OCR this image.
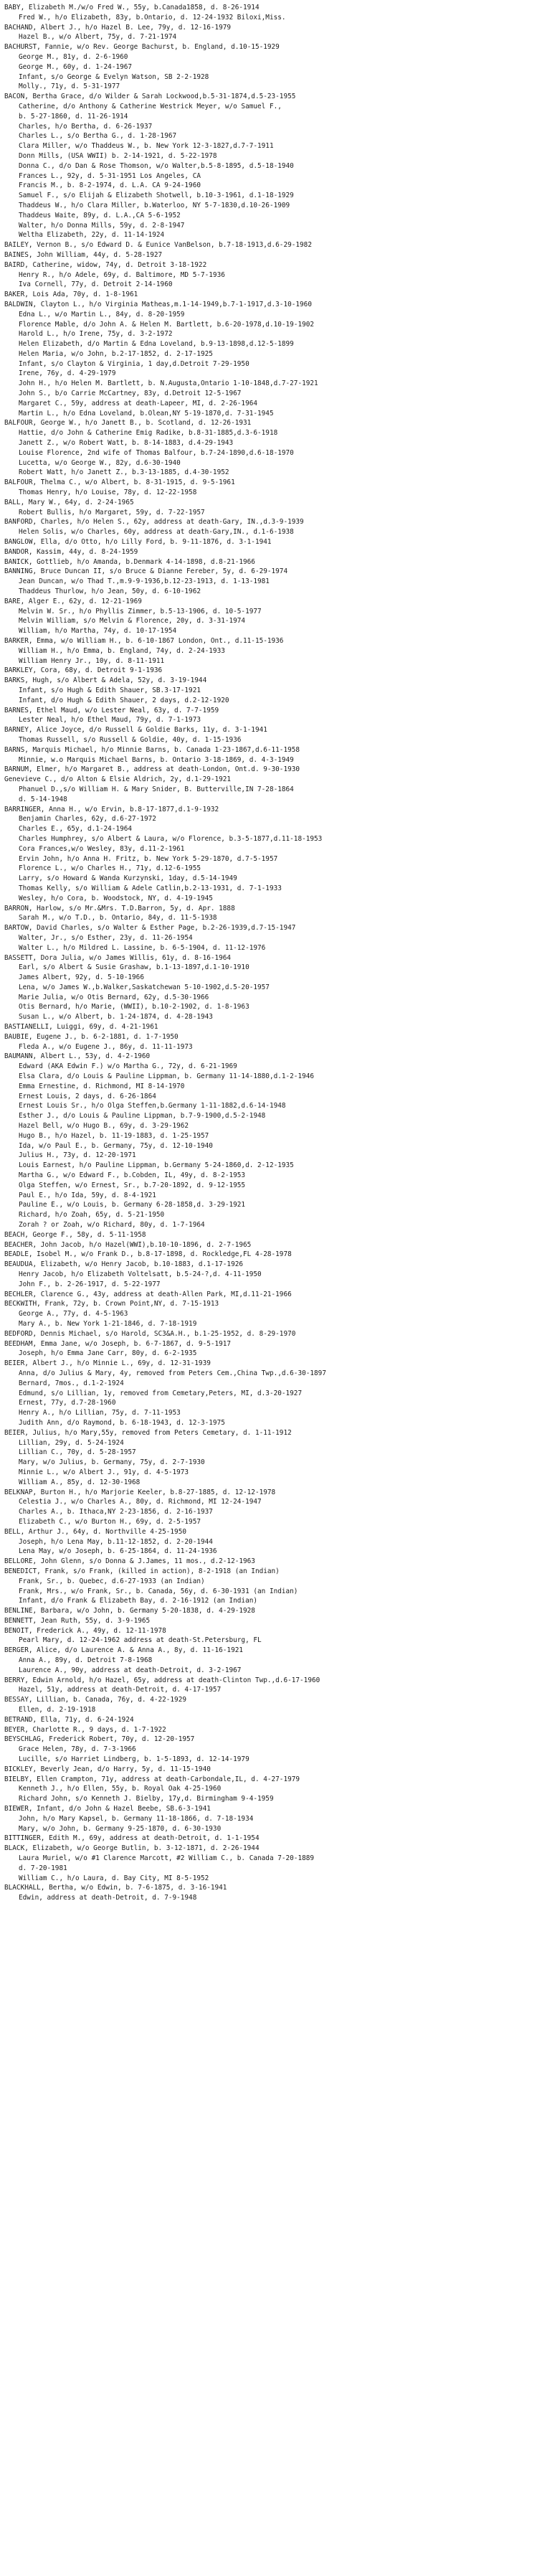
BABY, Elizabeth M./w/o Fred W., 55y, b.Canada1858, d. 8-26-1914
Fred W., h/o Elizabeth, 83y, b.Ontario, d. 12-24-1932 Biloxi,Miss.
BACHAND, Albert J., h/o Hazel B. Lee, 79y, d. 12-16-1979
Hazel B., w/o Albert, 75y, d. 7-21-1974
BACHURST, Fannie, w/o Rev. George Bachurst, b. England, d.10-15-1929
George M., 81y, d. 2-6-1960
George M., 60y, d. 1-24-1967
Infant, s/o George & Evelyn Watson, SB 2-2-1928
Molly., 71y, d. 5-31-1977
BACON, Bertha Grace, d/o Wilder & Sarah Lockwood,b.5-31-1874,d.5-23-1955
Catherine, d/o Anthony & Catherine Westrick Meyer, w/o Samuel F.,
b. 5-27-1860, d. 11-26-1914
Charles, h/o Bertha, d. 6-26-1937
Charles L., s/o Bertha G., d. 1-28-1967
Clara Miller, w/o Thaddeus W., b. New York 12-3-1827,d.7-7-1911
Donn Mills, (USA WWII) b. 2-14-1921, d. 5-22-1978
Donna C., d/o Dan & Rose Thomson, w/o Walter,b.5-8-1895, d.5-18-1940
Frances L., 92y, d. 5-31-1951 Los Angeles, CA
Francis M., b. 8-2-1974, d. L.A. CA 9-24-1960
Samuel F., s/o Elijah & Elizabeth Shotwell, b.10-3-1961, d.1-18-1929
Thaddeus W., h/o Clara Miller, b.Waterloo, NY 5-7-1830,d.10-26-1909
Thaddeus Waite, 89y, d. L.A.,CA 5-6-1952
Walter, h/o Donna Mills, 59y, d. 2-8-1947
Weltha Elizabeth, 22y, d. 11-14-1924
BAILEY, Vernon B., s/o Edward D. & Eunice VanBelson, b.7-18-1913,d.6-29-1982
BAINES, John William, 44y, d. 5-28-1927
BAIRD, Catherine, widow, 74y, d. Detroit 3-18-1922
Henry R., h/o Adele, 69y, d. Baltimore, MD 5-7-1936
Iva Cornell, 77y, d. Detroit 2-14-1960
BAKER, Lois Ada, 70y, d. 1-8-1961
BALDWIN, Clayton L., h/o Virginia Matheas,m.1-14-1949,b.7-1-1917,d.3-10-1960
Edna L., w/o Martin L., 84y, d. 8-20-1959
Florence Mable, d/o John A. & Helen M. Bartlett, b.6-20-1978,d.10-19-1902
Harold L., h/o Irene, 75y, d. 3-2-1972
Helen Elizabeth, d/o Martin & Edna Loveland, b.9-13-1898,d.12-5-1899
Helen Maria, w/o John, b.2-17-1852, d. 2-17-1925
Infant, s/o Clayton & Virginia, 1 day,d.Detroit 7-29-1950
Irene, 76y, d. 4-29-1979
John H., h/o Helen M. Bartlett, b. N.Augusta,Ontario 1-10-1848,d.7-27-1921
John S., b/o Carrie McCartney, 83y, d.Detroit 12-5-1967
Margaret C., 59y, address at death-Lapeer, MI, d. 2-26-1964
Martin L., h/o Edna Loveland, b.Olean,NY 5-19-1870,d. 7-31-1945
BALFOUR, George W., h/o Janett B., b. Scotland, d. 12-26-1931
Hattie, d/o John & Catherine Emig Radike, b.8-31-1885,d.3-6-1918
Janett Z., w/o Robert Watt, b. 8-14-1883, d.4-29-1943
Louise Florence, 2nd wife of Thomas Balfour, b.7-24-1890,d.6-18-1970
Lucetta, w/o George W., 82y, d.6-30-1940
Robert Watt, h/o Janett Z., b.3-13-1885, d.4-30-1952
BALFOUR, Thelma C., w/o Albert, b. 8-31-1915, d. 9-5-1961
Thomas Henry, h/o Louise, 78y, d. 12-22-1958
BALL, Mary W., 64y, d. 2-24-1965
Robert Bullis, h/o Margaret, 59y, d. 7-22-1957
BANFORD, Charles, h/o Helen S., 62y, address at death-Gary, IN.,d.3-9-1939
Helen Solis, w/o Charles, 60y, address at death-Gary,IN., d.1-6-1938
BANGLOW, Ella, d/o Otto, h/o Lilly Ford, b. 9-11-1876, d. 3-1-1941
BANDOR, Kassim, 44y, d. 8-24-1959
BANICK, Gottlieb, h/o Amanda, b.Denmark 4-14-1898, d.8-21-1966
BANNING, Bruce Duncan II, s/o Bruce & Dianne Fereber, 5y, d. 6-29-1974
Jean Duncan, w/o Thad T.,m.9-9-1936,b.12-23-1913, d. 1-13-1981
Thaddeus Thurlow, h/o Jean, 50y, d. 6-10-1962
BARE, Alger E., 62y, d. 12-21-1969
Melvin W. Sr., h/o Phyllis Zimmer, b.5-13-1906, d. 10-5-1977
Melvin William, s/o Melvin & Florence, 20y, d. 3-31-1974
William, h/o Martha, 74y, d. 10-17-1954
BARKER, Emma, w/o William H., b. 6-10-1867 London, Ont., d.11-15-1936
William H., h/o Emma, b. England, 74y, d. 2-24-1933
William Henry Jr., 10y, d. 8-11-1911
BARKLEY, Cora, 68y, d. Detroit 9-1-1936
BARKS, Hugh, s/o Albert & Adela, 52y, d. 3-19-1944
Infant, s/o Hugh & Edith Shauer, SB.3-17-1921
Infant, d/o Hugh & Edith Shauer, 2 days, d.2-12-1920
BARNES, Ethel Maud, w/o Lester Neal, 63y, d. 7-7-1959
Lester Neal, h/o Ethel Maud, 79y, d. 7-1-1973
BARNEY, Alice Joyce, d/o Russell & Goldie Barks, 11y, d. 3-1-1941
Thomas Russell, s/o Russell & Goldie, 40y, d. 1-15-1936
BARNS, Marquis Michael, h/o Minnie Barns, b. Canada 1-23-1867,d.6-11-1958
Minnie, w.o Marquis Michael Barns, b. Ontario 3-18-1869, d. 4-3-1949
BARNUM, Elmer, h/o Margaret B., address at death-London, Ont.d. 9-30-1930
Genevieve C., d/o Alton & Elsie Aldrich, 2y, d.1-29-1921
Phanuel D.,s/o William H. & Mary Snider, B. Butterville,IN 7-28-1864
d. 5-14-1948
BARRINGER, Anna H., w/o Ervin, b.8-17-1877,d.1-9-1932
Benjamin Charles, 62y, d.6-27-1972
Charles E., 65y, d.1-24-1964
Charles Humphrey, s/o Albert & Laura, w/o Florence, b.3-5-1877,d.11-18-1953
Cora Frances,w/o Wesley, 83y, d.11-2-1961
Ervin John, h/o Anna H. Fritz, b. New York 5-29-1870, d.7-5-1957
Florence L., w/o Charles H., 71y, d.12-6-1955
Larry, s/o Howard & Wanda Kurzynski, 1day, d.5-14-1949
Thomas Kelly, s/o William & Adele Catlin,b.2-13-1931, d. 7-1-1933
Wesley, h/o Cora, b. Woodstock, NY, d. 4-19-1945
BARRON, Harlow, s/o Mr.&Mrs. T.D.Barron, 5y, d. Apr. 1888
Sarah M., w/o T.D., b. Ontario, 84y, d. 11-5-1938
BARTOW, David Charles, s/o Walter & Esther Page, b.2-26-1939,d.7-15-1947
Walter, Jr., s/o Esther, 23y, d. 11-26-1954
Walter L., h/o Mildred L. Lassine, b. 6-5-1904, d. 11-12-1976
BASSETT, Dora Julia, w/o James Willis, 61y, d. 8-16-1964
Earl, s/o Albert & Susie Grashaw, b.1-13-1897,d.1-10-1910
James Albert, 92y, d. 5-10-1966
Lena, w/o James W.,b.Walker,Saskatchewan 5-10-1902,d.5-20-1957
Marie Julia, w/o Otis Bernard, 62y, d.5-30-1966
Otis Bernard, h/o Marie, (WWII), b.10-2-1902, d. 1-8-1963
Susan L., w/o Albert, b. 1-24-1874, d. 4-28-1943
BASTIANELLI, Luiggi, 69y, d. 4-21-1961
BAUBIE, Eugene J., b. 6-2-1881, d. 1-7-1950
Fleda A., w/o Eugene J., 86y, d. 11-11-1973
BAUMANN, Albert L., 53y, d. 4-2-1960
Edward (AKA Edwin F.) w/o Martha G., 72y, d. 6-21-1969
Elsa Clara, d/o Louis & Pauline Lippman, b. Germany 11-14-1880,d.1-2-1946
Emma Ernestine, d. Richmond, MI 8-14-1970
Ernest Louis, 2 days, d. 6-26-1864
Ernest Louis Sr., h/o Olga Steffen,b.Germany 1-11-1882,d.6-14-1948
Esther J., d/o Louis & Pauline Lippman, b.7-9-1900,d.5-2-1948
Hazel Bell, w/o Hugo B., 69y, d. 3-29-1962
Hugo B., h/o Hazel, b. 11-19-1883, d. 1-25-1957
Ida, w/o Paul E., b. Germany, 75y, d. 12-10-1940
Julius H., 73y, d. 12-20-1971
Louis Earnest, h/o Pauline Lippman, b.Germany 5-24-1860,d. 2-12-1935
Martha G., w/o Edward F., b.Cobden, IL, 49y, d. 8-2-1953
Olga Steffen, w/o Ernest, Sr., b.7-20-1892, d. 9-12-1955
Paul E., h/o Ida, 59y, d. 8-4-1921
Pauline E., w/o Louis, b. Germany 6-28-1858,d. 3-29-1921
Richard, h/o Zoah, 65y, d. 5-21-1950
Zorah ? or Zoah, w/o Richard, 80y, d. 1-7-1964
BEACH, George F., 58y, d. 5-11-1958
BEACHER, John Jacob, h/o Hazel(WWI),b.10-10-1896, d. 2-7-1965
BEADLE, Isobel M., w/o Frank D., b.8-17-1898, d. Rockledge,FL 4-28-1978
BEAUDUA, Elizabeth, w/o Henry Jacob, b.10-1883, d.1-17-1926
Henry Jacob, h/o Elizabeth Voltelsatt, b.5-24-?,d. 4-11-1950
John F., b. 2-26-1917, d. 5-22-1977
BECHLER, Clarence G., 43y, address at death-Allen Park, MI,d.11-21-1966
BECKWITH, Frank, 72y, b. Crown Point,NY, d. 7-15-1913
George A., 77y, d. 4-5-1963
Mary A., b. New York 1-21-1846, d. 7-18-1919
BEDFORD, Dennis Michael, s/o Harold, SC3&A.H., b.1-25-1952, d. 8-29-1970
BEEDHAM, Emma Jane, w/o Joseph, b. 6-7-1867, d. 9-5-1917
Joseph, h/o Emma Jane Carr, 80y, d. 6-2-1935
BEIER, Albert J., h/o Minnie L., 69y, d. 12-31-1939
Anna, d/o Julius & Mary, 4y, removed from Peters Cem.,China Twp.,d.6-30-1897
Bernard, 7mos., d.1-2-1924
Edmund, s/o Lillian, 1y, removed from Cemetary,Peters, MI, d.3-20-1927
Ernest, 77y, d.7-28-1960
Henry A., h/o Lillian, 75y, d. 7-11-1953
Judith Ann, d/o Raymond, b. 6-18-1943, d. 12-3-1975
BEIER, Julius, h/o Mary,55y, removed from Peters Cemetary, d. 1-11-1912
Lillian, 29y, d. 5-24-1924
Lillian C., 70y, d. 5-28-1957
Mary, w/o Julius, b. Germany, 75y, d. 2-7-1930
Minnie L., w/o Albert J., 91y, d. 4-5-1973
William A., 85y, d. 12-30-1968
BELKNAP, Burton H., h/o Marjorie Keeler, b.8-27-1885, d. 12-12-1978
Celestia J., w/o Charles A., 80y, d. Richmond, MI 12-24-1947
Charles A., b. Ithaca,NY 2-23-1856, d. 2-16-1937
Elizabeth C., w/o Burton H., 69y, d. 2-5-1957
BELL, Arthur J., 64y, d. Northville 4-25-1950
Joseph, h/o Lena May, b.11-12-1852, d. 2-20-1944
Lena May, w/o Joseph, b. 6-25-1864, d. 11-24-1936
BELLORE, John Glenn, s/o Donna & J.James, 11 mos., d.2-12-1963
BENEDICT, Frank, s/o Frank, (killed in action), 8-2-1918 (an Indian)
Frank, Sr., b. Quebec, d.6-27-1933 (an Indian)
Frank, Mrs., w/o Frank, Sr., b. Canada, 56y, d. 6-30-1931 (an Indian)
Infant, d/o Frank & Elizabeth Bay, d. 2-16-1912 (an Indian)
BENLINE, Barbara, w/o John, b. Germany 5-20-1838, d. 4-29-1928
BENNETT, Jean Ruth, 55y, d. 3-9-1965
BENOIT, Frederick A., 49y, d. 12-11-1978
Pearl Mary, d. 12-24-1962 address at death-St.Petersburg, FL
BERGER, Alice, d/o Laurence A. & Anna A., 8y, d. 11-16-1921
Anna A., 89y, d. Detroit 7-8-1968
Laurence A., 90y, address at death-Detroit, d. 3-2-1967
BERRY, Edwin Arnold, h/o Hazel, 65y, address at death-Clinton Twp.,d.6-17-1960
Hazel, 51y, address at death-Detroit, d. 4-17-1957
BESSAY, Lillian, b. Canada, 76y, d. 4-22-1929
Ellen, d. 2-19-1918
BETRAND, Ella, 71y, d. 6-24-1924
BEYER, Charlotte R., 9 days, d. 1-7-1922
BEYSCHLAG, Frederick Robert, 70y, d. 12-20-1957
Grace Helen, 78y, d. 7-3-1966
Lucille, s/o Harriet Lindberg, b. 1-5-1893, d. 12-14-1979
BICKLEY, Beverly Jean, d/o Harry, 5y, d. 11-15-1940
BIELBY, Ellen Crampton, 71y, address at death-Carbondale,IL, d. 4-27-1979
Kenneth J., h/o Ellen, 55y, b. Royal Oak 4-25-1960
Richard John, s/o Kenneth J. Bielby, 17y,d. Birmingham 9-4-1959
BIEWER, Infant, d/o John & Hazel Beebe, SB.6-3-1941
John, h/o Mary Kapsel, b. Germany 11-18-1866, d. 7-18-1934
Mary, w/o John, b. Germany 9-25-1870, d. 6-30-1930
BITTINGER, Edith M., 69y, address at death-Detroit, d. 1-1-1954
BLACK, Elizabeth, w/o George Butlin, b. 3-12-1871, d. 2-26-1944
Laura Muriel, w/o #1 Clarence Marcott, #2 William C., b. Canada 7-20-1889
d. 7-20-1981
William C., h/o Laura, d. Bay City, MI 8-5-1952
BLACKHALL, Bertha, w/o Edwin, b. 7-6-1875, d. 3-16-1941
Edwin, address at death-Detroit, d. 7-9-1948
